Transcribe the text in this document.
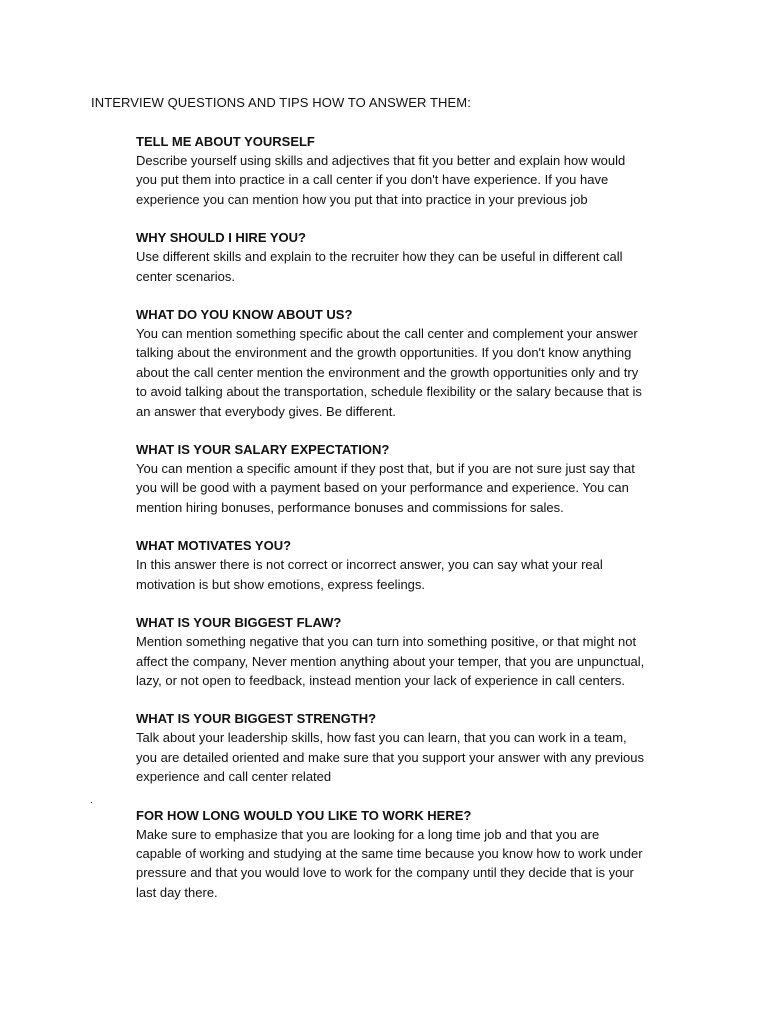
INTERVIEW QUESTIONS AND TIPS HOW TO ANSWER THEM:
.
TELL ME ABOUT YOURSELF
Describe yourself using skills and adjectives that fit you better and explain how would
you put them into practice in a call center if you don't have experience. If you have
experience you can mention how you put that into practice in your previous job
WHY SHOULD I HIRE YOU?
Use different skills and explain to the recruiter how they can be useful in different call
center scenarios.
WHAT DO YOU KNOW ABOUT US?
You can mention something specific about the call center and complement your answer
talking about the environment and the growth opportunities. If you don't know anything
about the call center mention the environment and the growth opportunities only and try
to avoid talking about the transportation, schedule flexibility or the salary because that is
an answer that everybody gives. Be different.
WHAT IS YOUR SALARY EXPECTATION?
You can mention a specific amount if they post that, but if you are not sure just say that
you will be good with a payment based on your performance and experience. You can
mention hiring bonuses, performance bonuses and commissions for sales.
WHAT MOTIVATES YOU?
In this answer there is not correct or incorrect answer, you can say what your real
motivation is but show emotions, express feelings.
WHAT IS YOUR BIGGEST FLAW?
Mention something negative that you can turn into something positive, or that might not
affect the company, Never mention anything about your temper, that you are unpunctual,
lazy, or not open to feedback, instead mention your lack of experience in call centers.
WHAT IS YOUR BIGGEST STRENGTH?
Talk about your leadership skills, how fast you can learn, that you can work in a team,
you are detailed oriented and make sure that you support your answer with any previous
experience and call center related
FOR HOW LONG WOULD YOU LIKE TO WORK HERE?
Make sure to emphasize that you are looking for a long time job and that you are
capable of working and studying at the same time because you know how to work under
pressure and that you would love to work for the company until they decide that is your
last day there.
